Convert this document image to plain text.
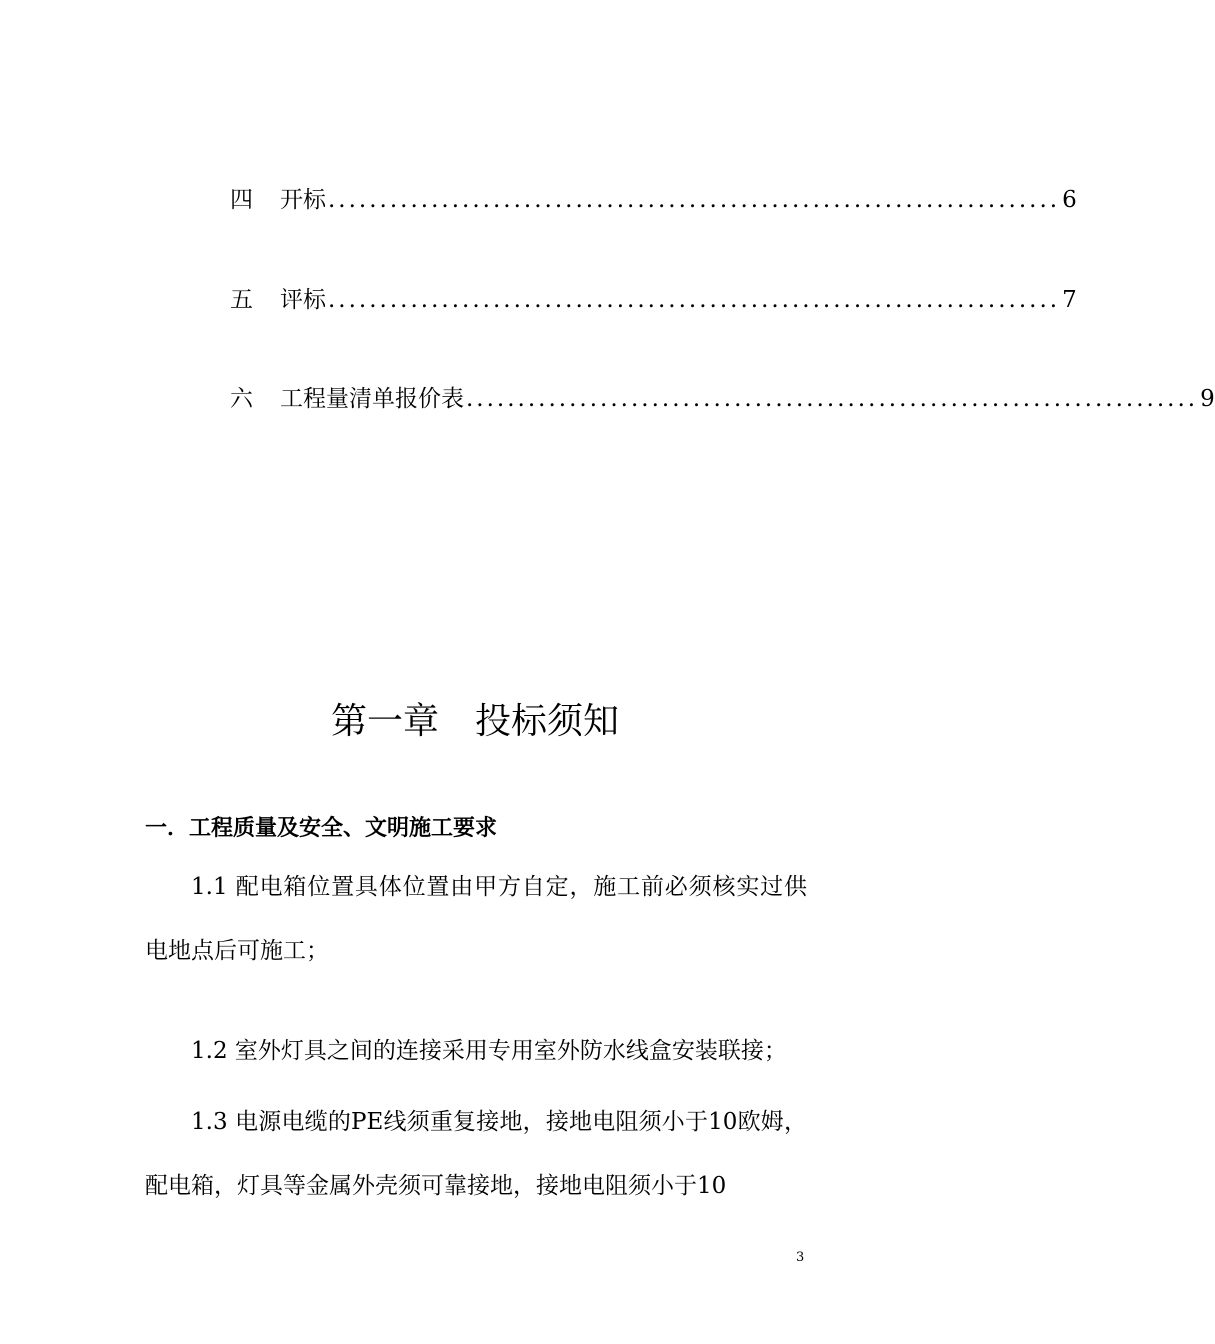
四	开标 ....................................................................... 6
五	评标 ....................................................................... 7
六	工程量清单报价表 ....................................................................... 9
第一章 投标须知
一．工程质量及安全、文明施工要求

1.1 配电箱位置具体位置由甲方自定，施工前必须核实过供电地点后可施工；

1.2 室外灯具之间的连接采用专用室外防水线盒安装联接；

1.3 电源电缆的PE线须重复接地，接地电阻须小于10欧姆，配电箱，灯具等金属外壳须可靠接地，接地电阻须小于10

3
